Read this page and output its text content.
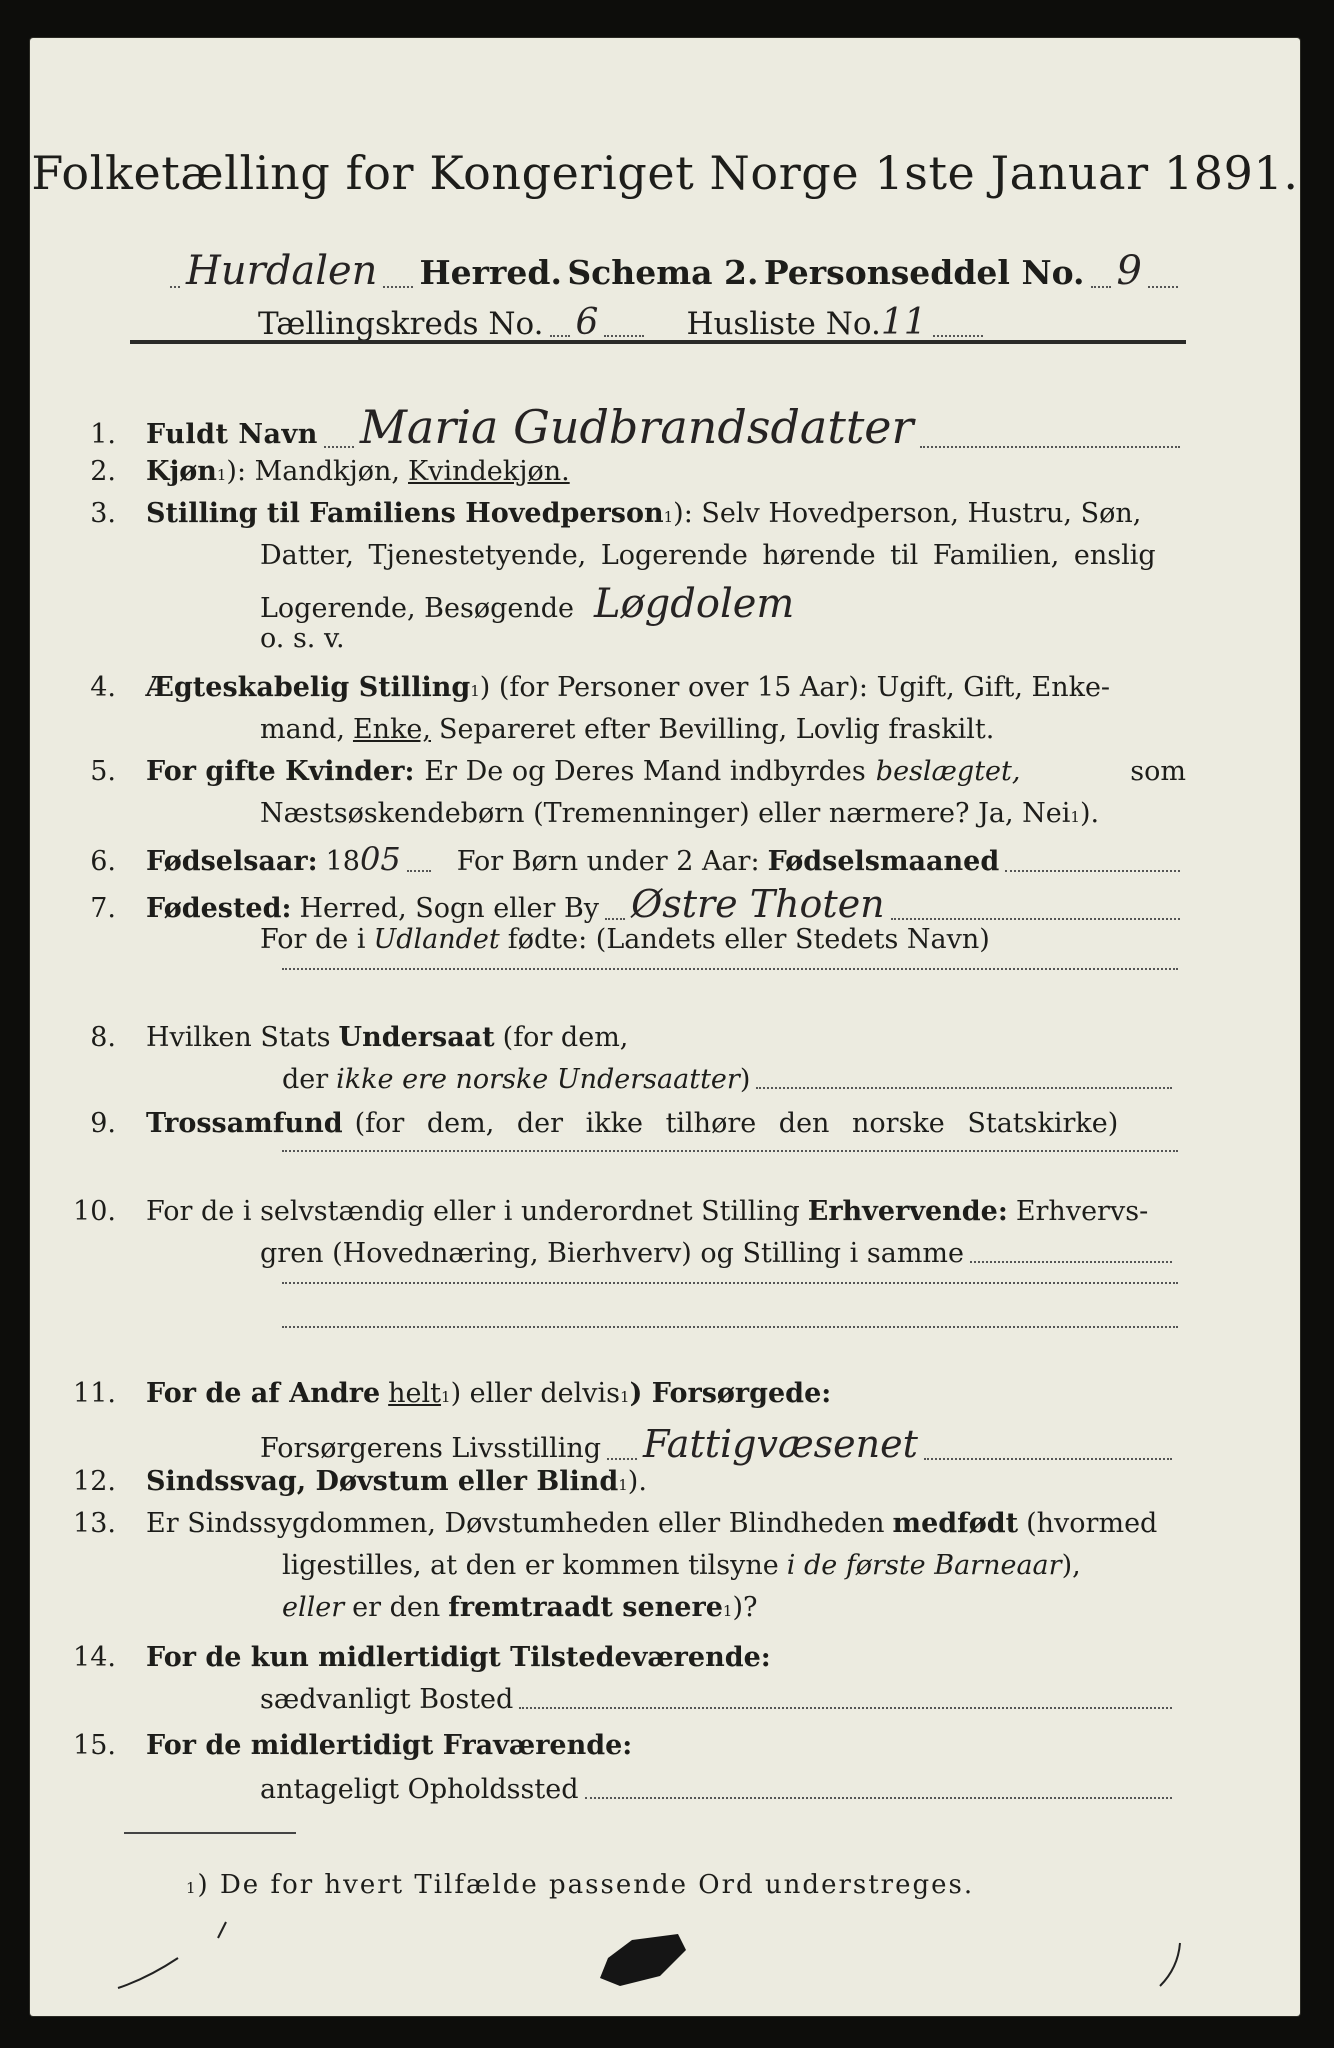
Folketælling for Kongeriget Norge 1ste Januar 1891.
Hurdalen Herred. Schema 2. Personseddel No. 9
Tællingskreds No. 6	Husliste No. 11
1. Fuldt Navn Maria Gudbrandsdatter
2. Kjøn 1 ): Mandkjøn, Kvindekjøn.
3. Stilling til Familiens Hovedperson 1 ): Selv Hovedperson, Hustru, Søn,
Datter, Tjenestetyende, Logerende hørende til Familien, enslig
Logerende, Besøgende Løgdolem
o. s. v.
4. Ægteskabelig Stilling 1 ) (for Personer over 15 Aar): Ugift, Gift, Enke-
mand, Enke, Separeret efter Bevilling, Lovlig fraskilt.
5. For gifte Kvinder: Er De og Deres Mand indbyrdes beslægtet,	som
Næstsøskendebørn (Tremenninger) eller nærmere? Ja, Nei 1 ).
6. Fødselsaar: 18 05 For Børn under 2 Aar: Fødselsmaaned
7. Fødested: Herred, Sogn eller By Østre Thoten
For de i Udlandet fødte: (Landets eller Stedets Navn)
8. Hvilken Stats Undersaat (for dem,
der ikke ere norske Undersaatter )
9. Trossamfund (for dem, der ikke tilhøre den norske Statskirke)
10. For de i selvstændig eller i underordnet Stilling Erhvervende: Erhvervs-
gren (Hovednæring, Bierhverv) og Stilling i samme
11. For de af Andre helt 1 ) eller delvis 1 ) Forsørgede:
Forsørgerens Livsstilling Fattigvæsenet
12. Sindssvag, Døvstum eller Blind 1 ).
13. Er Sindssygdommen, Døvstumheden eller Blindheden medfødt (hvormed
ligestilles, at den er kommen tilsyne i de første Barneaar ),
eller er den fremtraadt senere 1 )?
14. For de kun midlertidigt Tilstedeværende:
sædvanligt Bosted
15. For de midlertidigt Fraværende:
antageligt Opholdssted
1 ) De for hvert Tilfælde passende Ord understreges.
